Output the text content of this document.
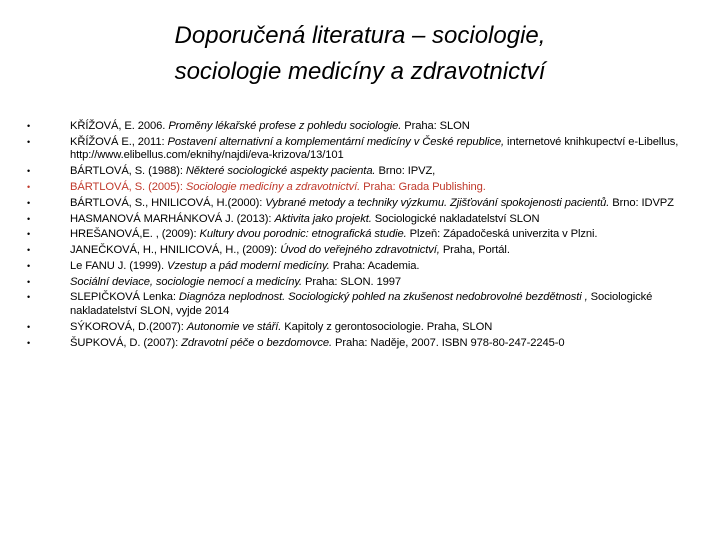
Doporučená literatura – sociologie,
sociologie medicíny a zdravotnictví
•	KŘÍŽOVÁ, E. 2006. Proměny lékařské profese z pohledu sociologie. Praha: SLON
•	KŘÍŽOVÁ E., 2011: Postavení alternativní a komplementární medicíny v České republice, internetové knihkupectví e-Libellus, http://www.elibellus.com/eknihy/najdi/eva-krizova/13/101
•	BÁRTLOVÁ, S. (1988): Některé sociologické aspekty pacienta. Brno: IPVZ,
•	BÁRTLOVÁ, S. (2005): Sociologie medicíny a zdravotnictví. Praha: Grada Publishing.
•	BÁRTLOVÁ, S., HNILICOVÁ, H.(2000): Vybrané metody a techniky výzkumu. Zjišťování spokojenosti pacientů. Brno: IDVPZ
•	HASMANOVÁ MARHÁNKOVÁ J. (2013): Aktivita jako projekt. Sociologické nakladatelství SLON
•	HREŠANOVÁ,E. , (2009): Kultury dvou porodnic: etnografická studie. Plzeň: Západočeská univerzita v Plzni.
•	JANEČKOVÁ, H., HNILICOVÁ, H., (2009): Úvod do veřejného zdravotnictví, Praha, Portál.
•	Le FANU J. (1999). Vzestup a pád moderní medicíny. Praha: Academia.
•	Sociální deviace, sociologie nemocí a medicíny. Praha: SLON. 1997
•	SLEPIČKOVÁ Lenka: Diagnóza neplodnost. Sociologický pohled na zkušenost nedobrovolné bezdětnosti , Sociologické nakladatelství SLON, vyjde 2014
•	SÝKOROVÁ, D.(2007): Autonomie ve stáří. Kapitoly z gerontosociologie. Praha, SLON
•	ŠUPKOVÁ, D. (2007): Zdravotní péče o bezdomovce. Praha: Naděje, 2007. ISBN 978-80-247-2245-0
